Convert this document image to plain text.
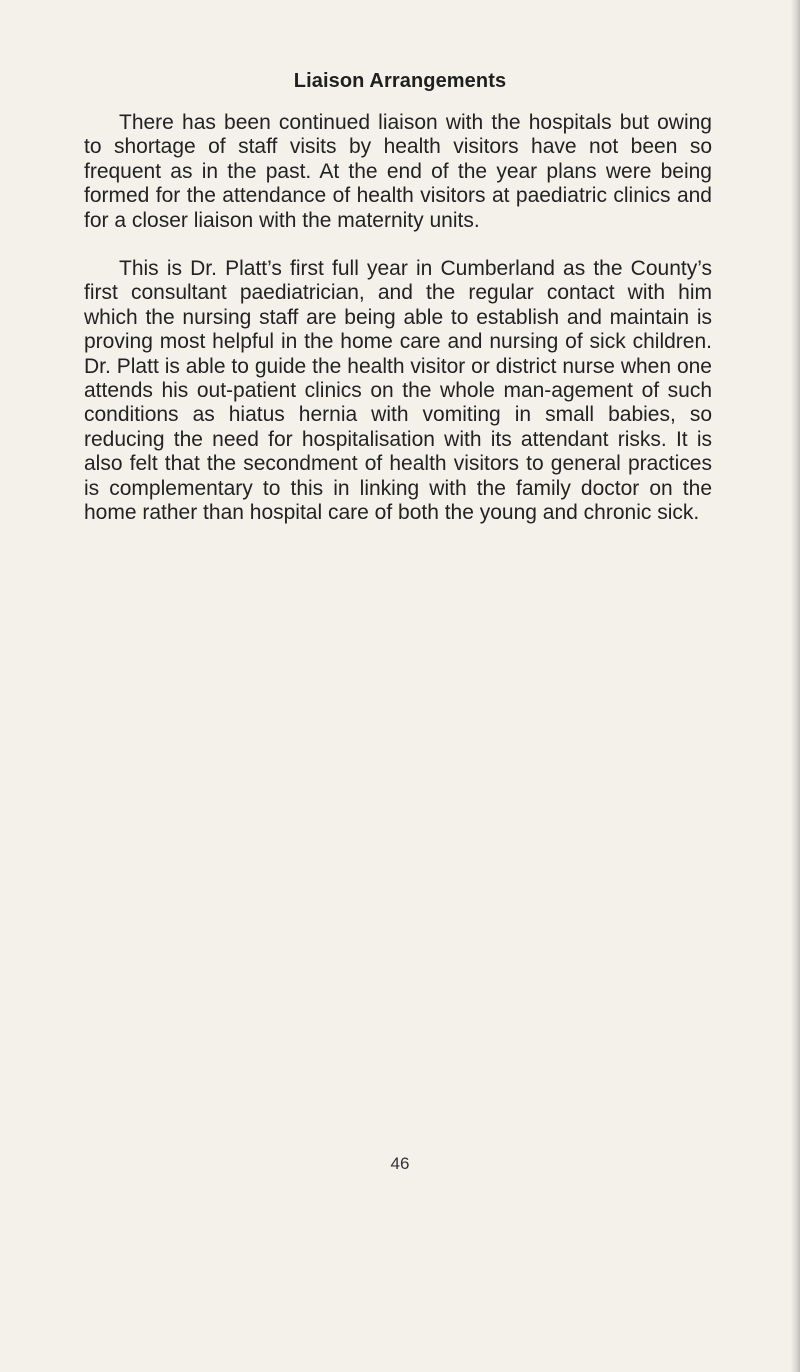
Liaison Arrangements

There has been continued liaison with the hospitals but owing to shortage of staff visits by health visitors have not been so frequent as in the past. At the end of the year plans were being formed for the attendance of health visitors at paediatric clinics and for a closer liaison with the maternity units.

This is Dr. Platt’s first full year in Cumberland as the County’s first consultant paediatrician, and the regular contact with him which the nursing staff are being able to establish and maintain is proving most helpful in the home care and nursing of sick children. Dr. Platt is able to guide the health visitor or district nurse when one attends his out-patient clinics on the whole man-agement of such conditions as hiatus hernia with vomiting in small babies, so reducing the need for hospitalisation with its attendant risks. It is also felt that the secondment of health visitors to general practices is complementary to this in linking with the family doctor on the home rather than hospital care of both the young and chronic sick.

46
